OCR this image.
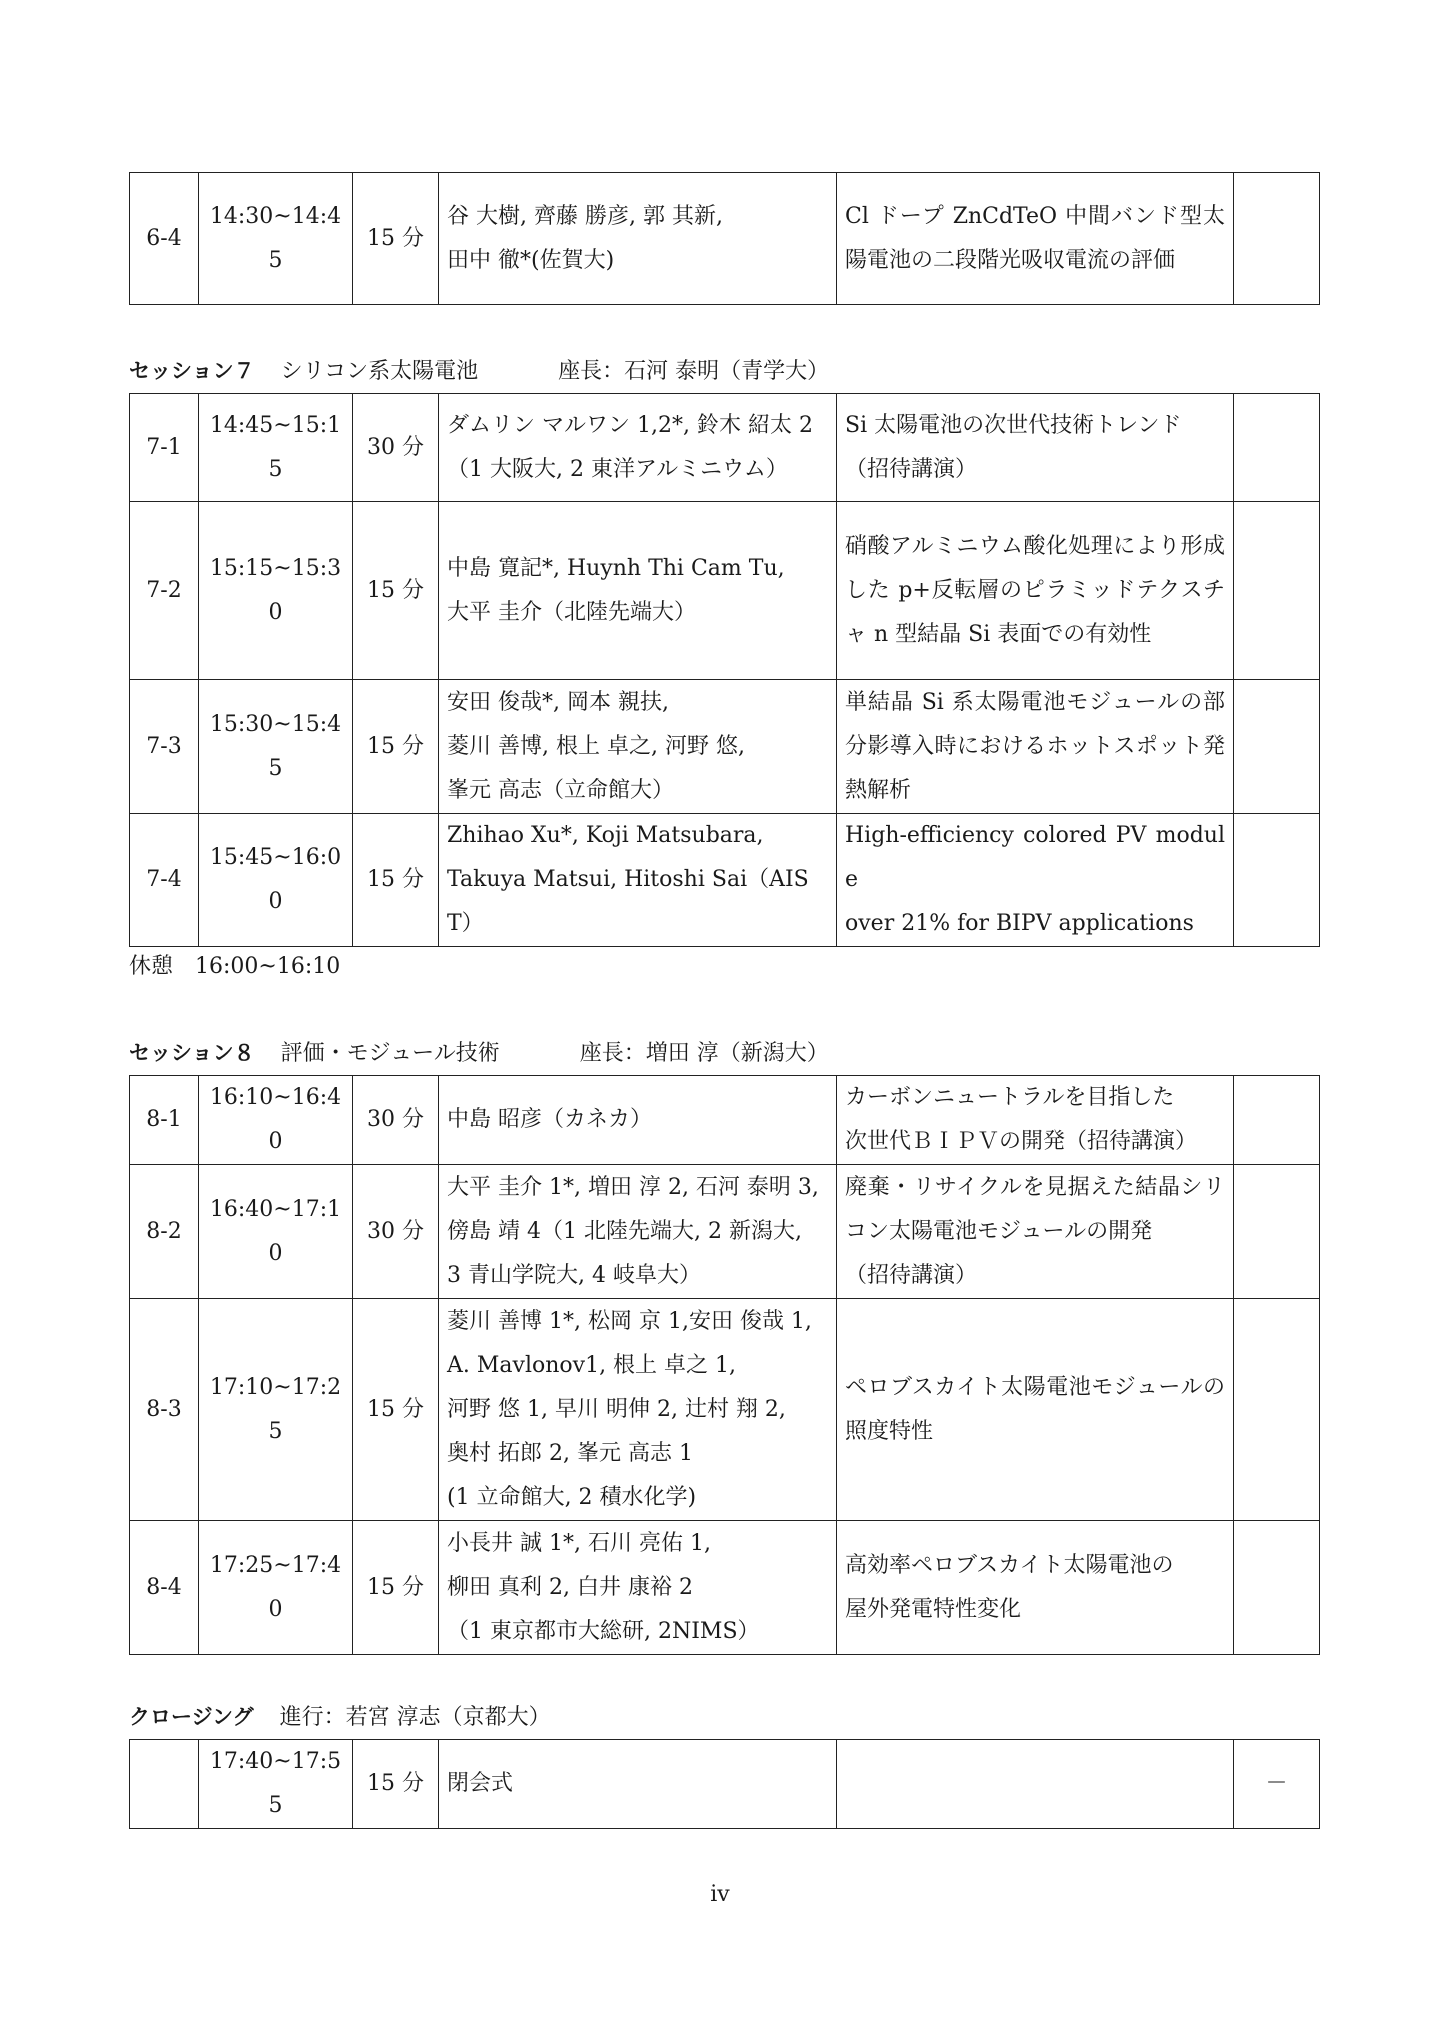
6-4	14:30~14:45	15 分	谷 大樹, 齊藤 勝彦, 郭 其新,
田中 徹*(佐賀大)	Cl ドープ ZnCdTeO 中間バンド型太陽電池の二段階光吸収電流の評価	
セッション７ シリコン系太陽電池	座長：石河 泰明（青学大）
7-1	14:45~15:15	30 分	ダムリン マルワン 1,2*, 鈴木 紹太 2
（1 大阪大, 2 東洋アルミニウム）	Si 太陽電池の次世代技術トレンド
（招待講演）	
7-2	15:15~15:30	15 分	中島 寛記*, Huynh Thi Cam Tu,
大平 圭介（北陸先端大）	硝酸アルミニウム酸化処理により形成した p+反転層のピラミッドテクスチャ n 型結晶 Si 表面での有効性	
7-3	15:30~15:45	15 分	安田 俊哉*, 岡本 親扶,
菱川 善博, 根上 卓之, 河野 悠,
峯元 高志（立命館大）	単結晶 Si 系太陽電池モジュールの部分影導入時におけるホットスポット発熱解析	
7-4	15:45~16:00	15 分	Zhihao Xu*, Koji Matsubara,
Takuya Matsui, Hitoshi Sai（AIST）	High-efficiency colored PV module
over 21% for BIPV applications	
休憩 16:00~16:10
セッション８ 評価・モジュール技術	座長：増田 淳（新潟大）
8-1	16:10~16:40	30 分	中島 昭彦（カネカ）	カーボンニュートラルを目指した
次世代ＢＩＰＶの開発（招待講演）	
8-2	16:40~17:10	30 分	大平 圭介 1*, 増田 淳 2, 石河 泰明 3,
傍島 靖 4（1 北陸先端大, 2 新潟大,
3 青山学院大, 4 岐阜大）	廃棄・リサイクルを見据えた結晶シリコン太陽電池モジュールの開発
（招待講演）	
8-3	17:10~17:25	15 分	菱川 善博 1*, 松岡 京 1,安田 俊哉 1,
A. Mavlonov1, 根上 卓之 1,
河野 悠 1, 早川 明伸 2, 辻村 翔 2,
奥村 拓郎 2, 峯元 高志 1
(1 立命館大, 2 積水化学)	ペロブスカイト太陽電池モジュールの照度特性	
8-4	17:25~17:40	15 分	小長井 誠 1*, 石川 亮佑 1,
柳田 真利 2, 白井 康裕 2
（1 東京都市大総研, 2NIMS）	高効率ペロブスカイト太陽電池の
屋外発電特性変化	
クロージング 進行：若宮 淳志（京都大）
	17:40~17:55	15 分	閉会式		－
iv
